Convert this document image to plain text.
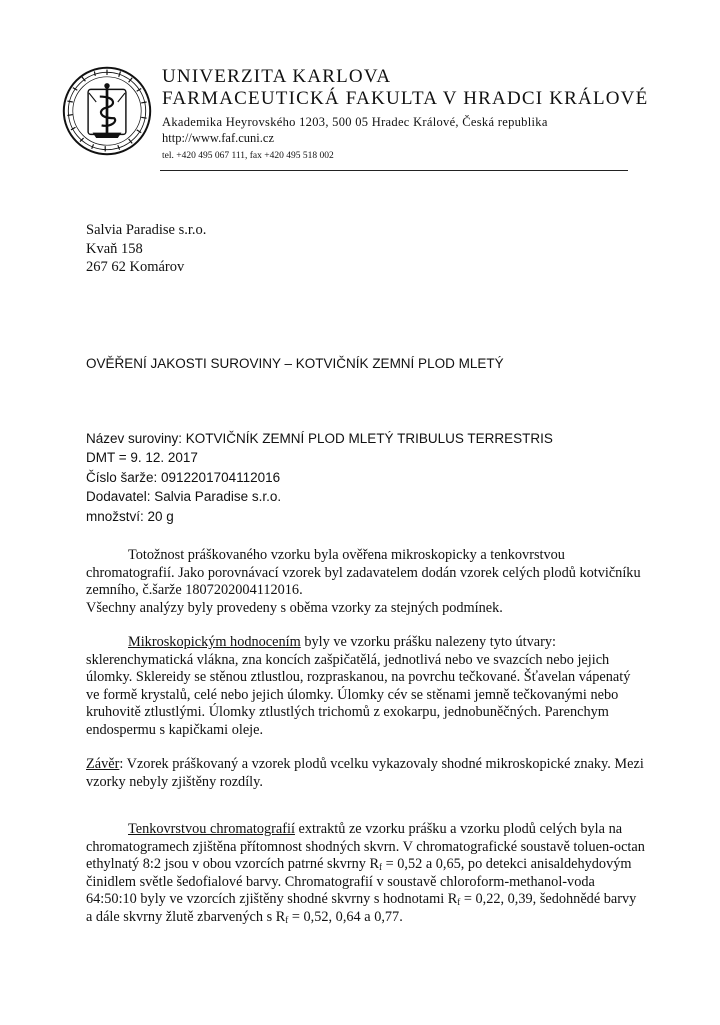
UNIVERZITA KARLOVA
FARMACEUTICKÁ FAKULTA V HRADCI KRÁLOVÉ
Akademika Heyrovského 1203, 500 05 Hradec Králové, Česká republika
http://www.faf.cuni.cz
tel. +420 495 067 111, fax +420 495 518 002
Salvia Paradise s.r.o.
Kvaň 158
267 62 Komárov
OVĚŘENÍ JAKOSTI SUROVINY – KOTVIČNÍK ZEMNÍ PLOD MLETÝ
Název suroviny: KOTVIČNÍK ZEMNÍ PLOD MLETÝ TRIBULUS TERRESTRIS
DMT = 9. 12. 2017
Číslo šarže: 0912201704112016
Dodavatel: Salvia Paradise s.r.o.
množství: 20 g

Totožnost práškovaného vzorku byla ověřena mikroskopicky a tenkovrstvou chromatografií. Jako porovnávací vzorek byl zadavatelem dodán vzorek celých plodů kotvičníku zemního, č.šarže 1807202004112016.

Všechny analýzy byly provedeny s oběma vzorky za stejných podmínek.

Mikroskopickým hodnocením byly ve vzorku prášku nalezeny tyto útvary: sklerenchymatická vlákna, zna koncích zašpičatělá, jednotlivá nebo ve svazcích nebo jejich úlomky. Sklereidy se stěnou ztlustlou, rozpraskanou, na povrchu tečkované. Šťavelan vápenatý ve formě krystalů, celé nebo jejich úlomky. Úlomky cév se stěnami jemně tečkovanými nebo kruhovitě ztlustlými. Úlomky ztlustlých trichomů z exokarpu, jednobuněčných. Parenchym endospermu s kapičkami oleje.

Závěr: Vzorek práškovaný a vzorek plodů vcelku vykazovaly shodné mikroskopické znaky. Mezi vzorky nebyly zjištěny rozdíly.

Tenkovrstvou chromatografií extraktů ze vzorku prášku a vzorku plodů celých byla na chromatogramech zjištěna přítomnost shodných skvrn. V chromatografické soustavě toluen-octan ethylnatý 8:2 jsou v obou vzorcích patrné skvrny $R_f = 0,52$ a 0,65, po detekci anisaldehydovým činidlem světle šedofialové barvy. Chromatografií v soustavě chloroform-methanol-voda 64:50:10 byly ve vzorcích zjištěny shodné skvrny s hodnotami $R_f = 0,22$, 0,39, šedohnědé barvy a dále skvrny žlutě zbarvených s $R_f = 0,52$, 0,64 a 0,77.
